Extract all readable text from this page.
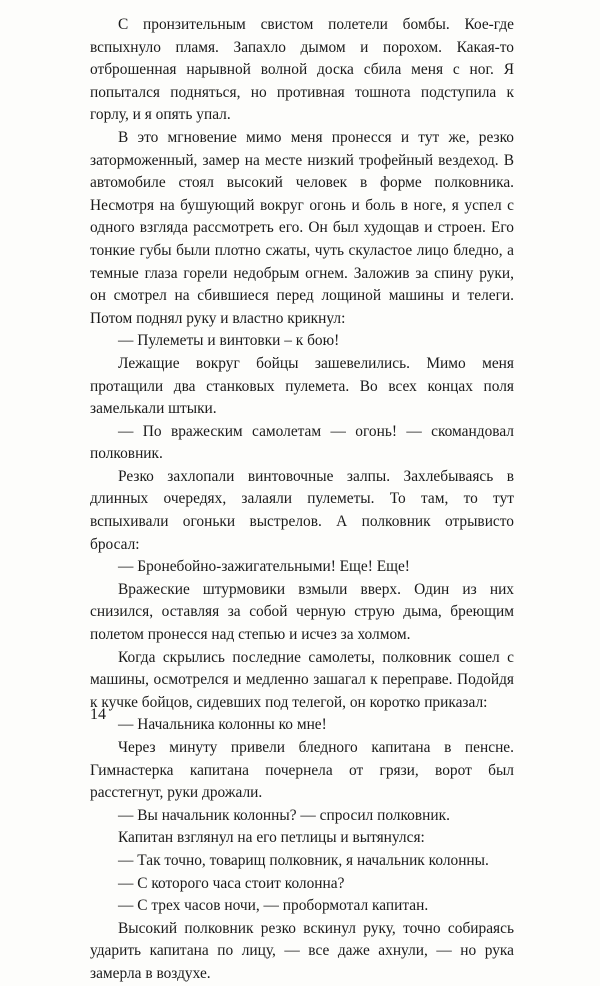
С пронзительным свистом полетели бомбы. Кое-где вспыхнуло пламя. Запахло дымом и порохом. Какая-то отброшенная нарывной волной доска сбила меня с ног. Я попытался подняться, но противная тошнота подступила к горлу, и я опять упал.

В это мгновение мимо меня пронесся и тут же, резко заторможенный, замер на месте низкий трофейный вездеход. В автомобиле стоял высокий человек в форме полковника. Несмотря на бушующий вокруг огонь и боль в ноге, я успел с одного взгляда рассмотреть его. Он был худощав и строен. Его тонкие губы были плотно сжаты, чуть скуластое лицо бледно, а темные глаза горели недобрым огнем. Заложив за спину руки, он смотрел на сбившиеся перед лощиной машины и телеги. Потом поднял руку и властно крикнул:

— Пулеметы и винтовки – к бою!

Лежащие вокруг бойцы зашевелились. Мимо меня протащили два станковых пулемета. Во всех концах поля замелькали штыки.

— По вражеским самолетам — огонь! — скомандовал полковник.

Резко захлопали винтовочные залпы. Захлебываясь в длинных очередях, залаяли пулеметы. То там, то тут вспыхивали огоньки выстрелов. А полковник отрывисто бросал:

— Бронебойно-зажигательными! Еще! Еще!

Вражеские штурмовики взмыли вверх. Один из них снизился, оставляя за собой черную струю дыма, бреющим полетом пронесся над степью и исчез за холмом.

Когда скрылись последние самолеты, полковник сошел с машины, осмотрелся и медленно зашагал к переправе. Подойдя к кучке бойцов, сидевших под телегой, он коротко приказал:

— Начальника колонны ко мне!

Через минуту привели бледного капитана в пенсне. Гимнастерка капитана почернела от грязи, ворот был расстегнут, руки дрожали.

— Вы начальник колонны? — спросил полковник.

Капитан взглянул на его петлицы и вытянулся:

— Так точно, товарищ полковник, я начальник колонны.

— С которого часа стоит колонна?

— С трех часов ночи, — пробормотал капитан.

Высокий полковник резко вскинул руку, точно собираясь ударить капитана по лицу, — все даже ахнули, — но рука замерла в воздухе.

14
